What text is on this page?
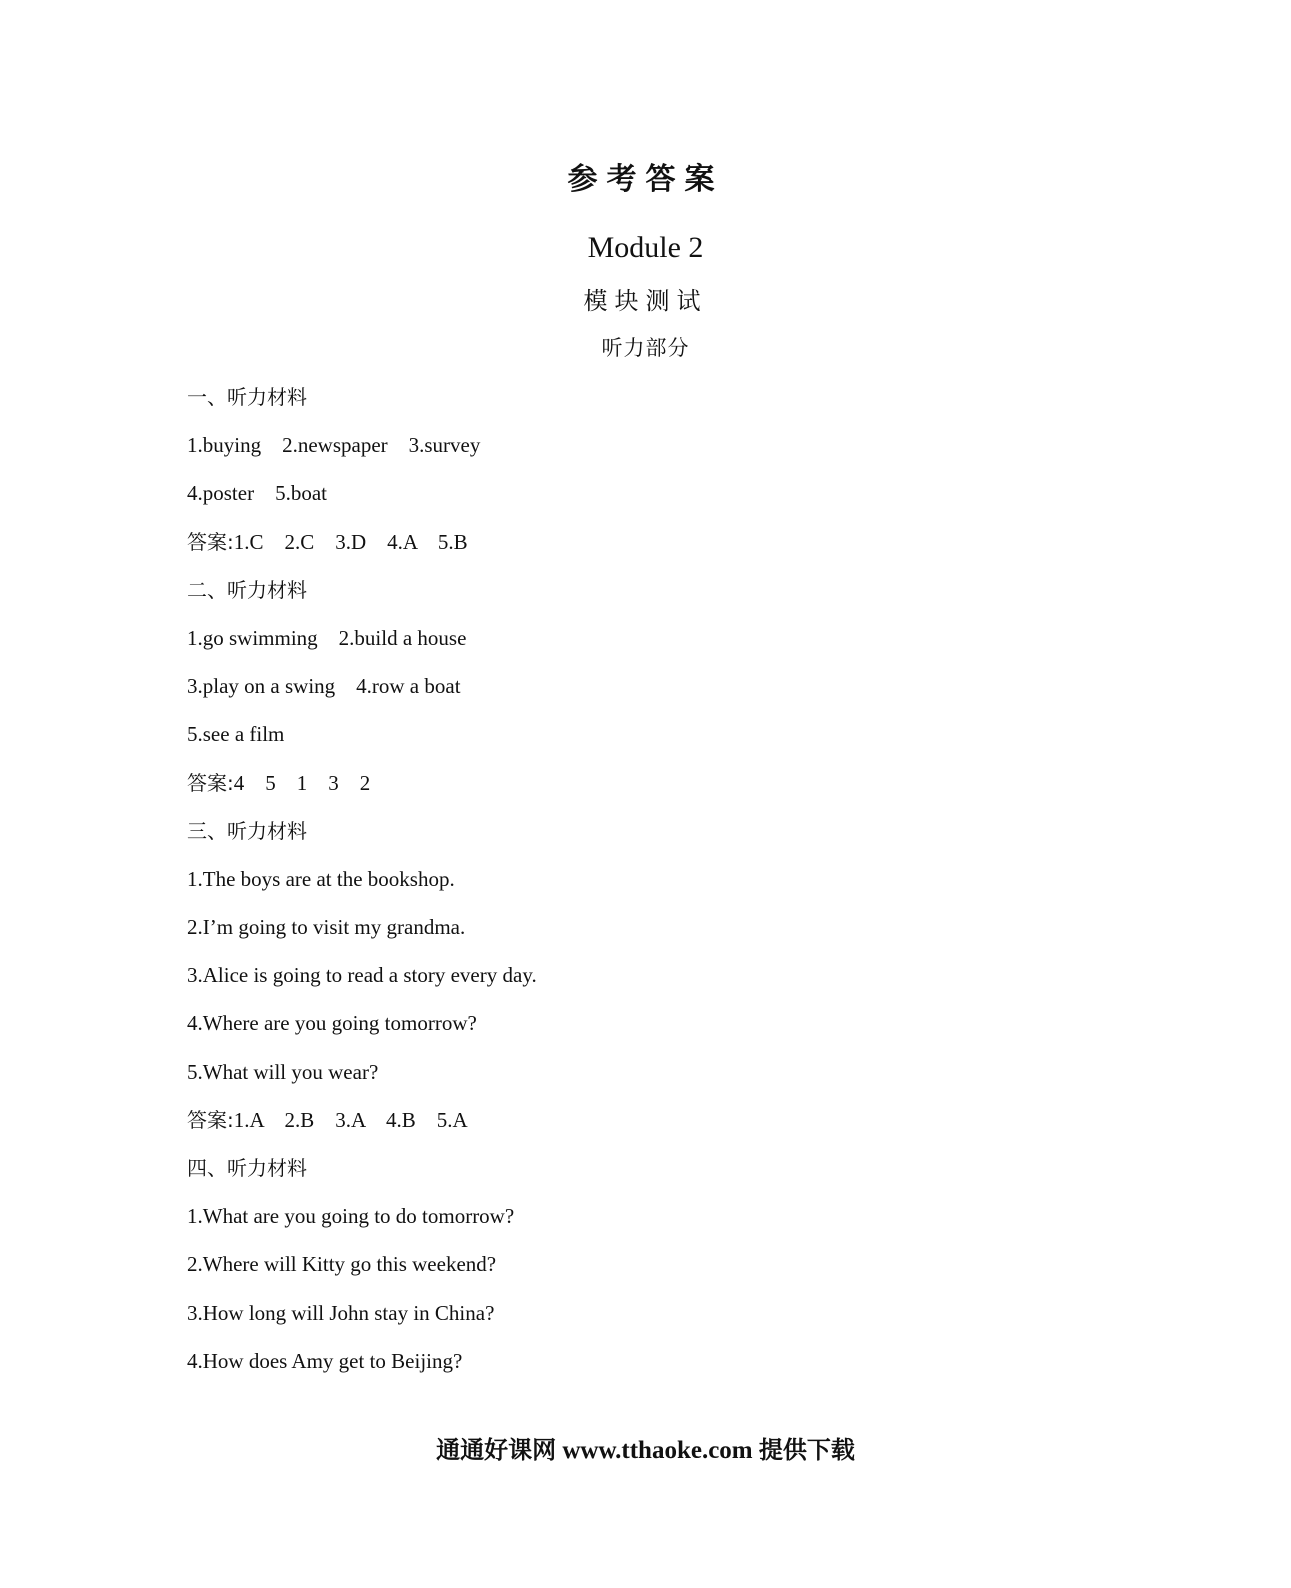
参考答案
Module 2
模块测试
听力部分
一、听力材料
1.buying    2.newspaper    3.survey
4.poster    5.boat
答案:1.C    2.C    3.D    4.A    5.B
二、听力材料
1.go swimming    2.build a house
3.play on a swing    4.row a boat
5.see a film
答案:4    5    1    3    2
三、听力材料
1.The boys are at the bookshop.
2.I’m going to visit my grandma.
3.Alice is going to read a story every day.
4.Where are you going tomorrow?
5.What will you wear?
答案:1.A    2.B    3.A    4.B    5.A
四、听力材料
1.What are you going to do tomorrow?
2.Where will Kitty go this weekend?
3.How long will John stay in China?
4.How does Amy get to Beijing?
通通好课网 www.tthaoke.com 提供下载
